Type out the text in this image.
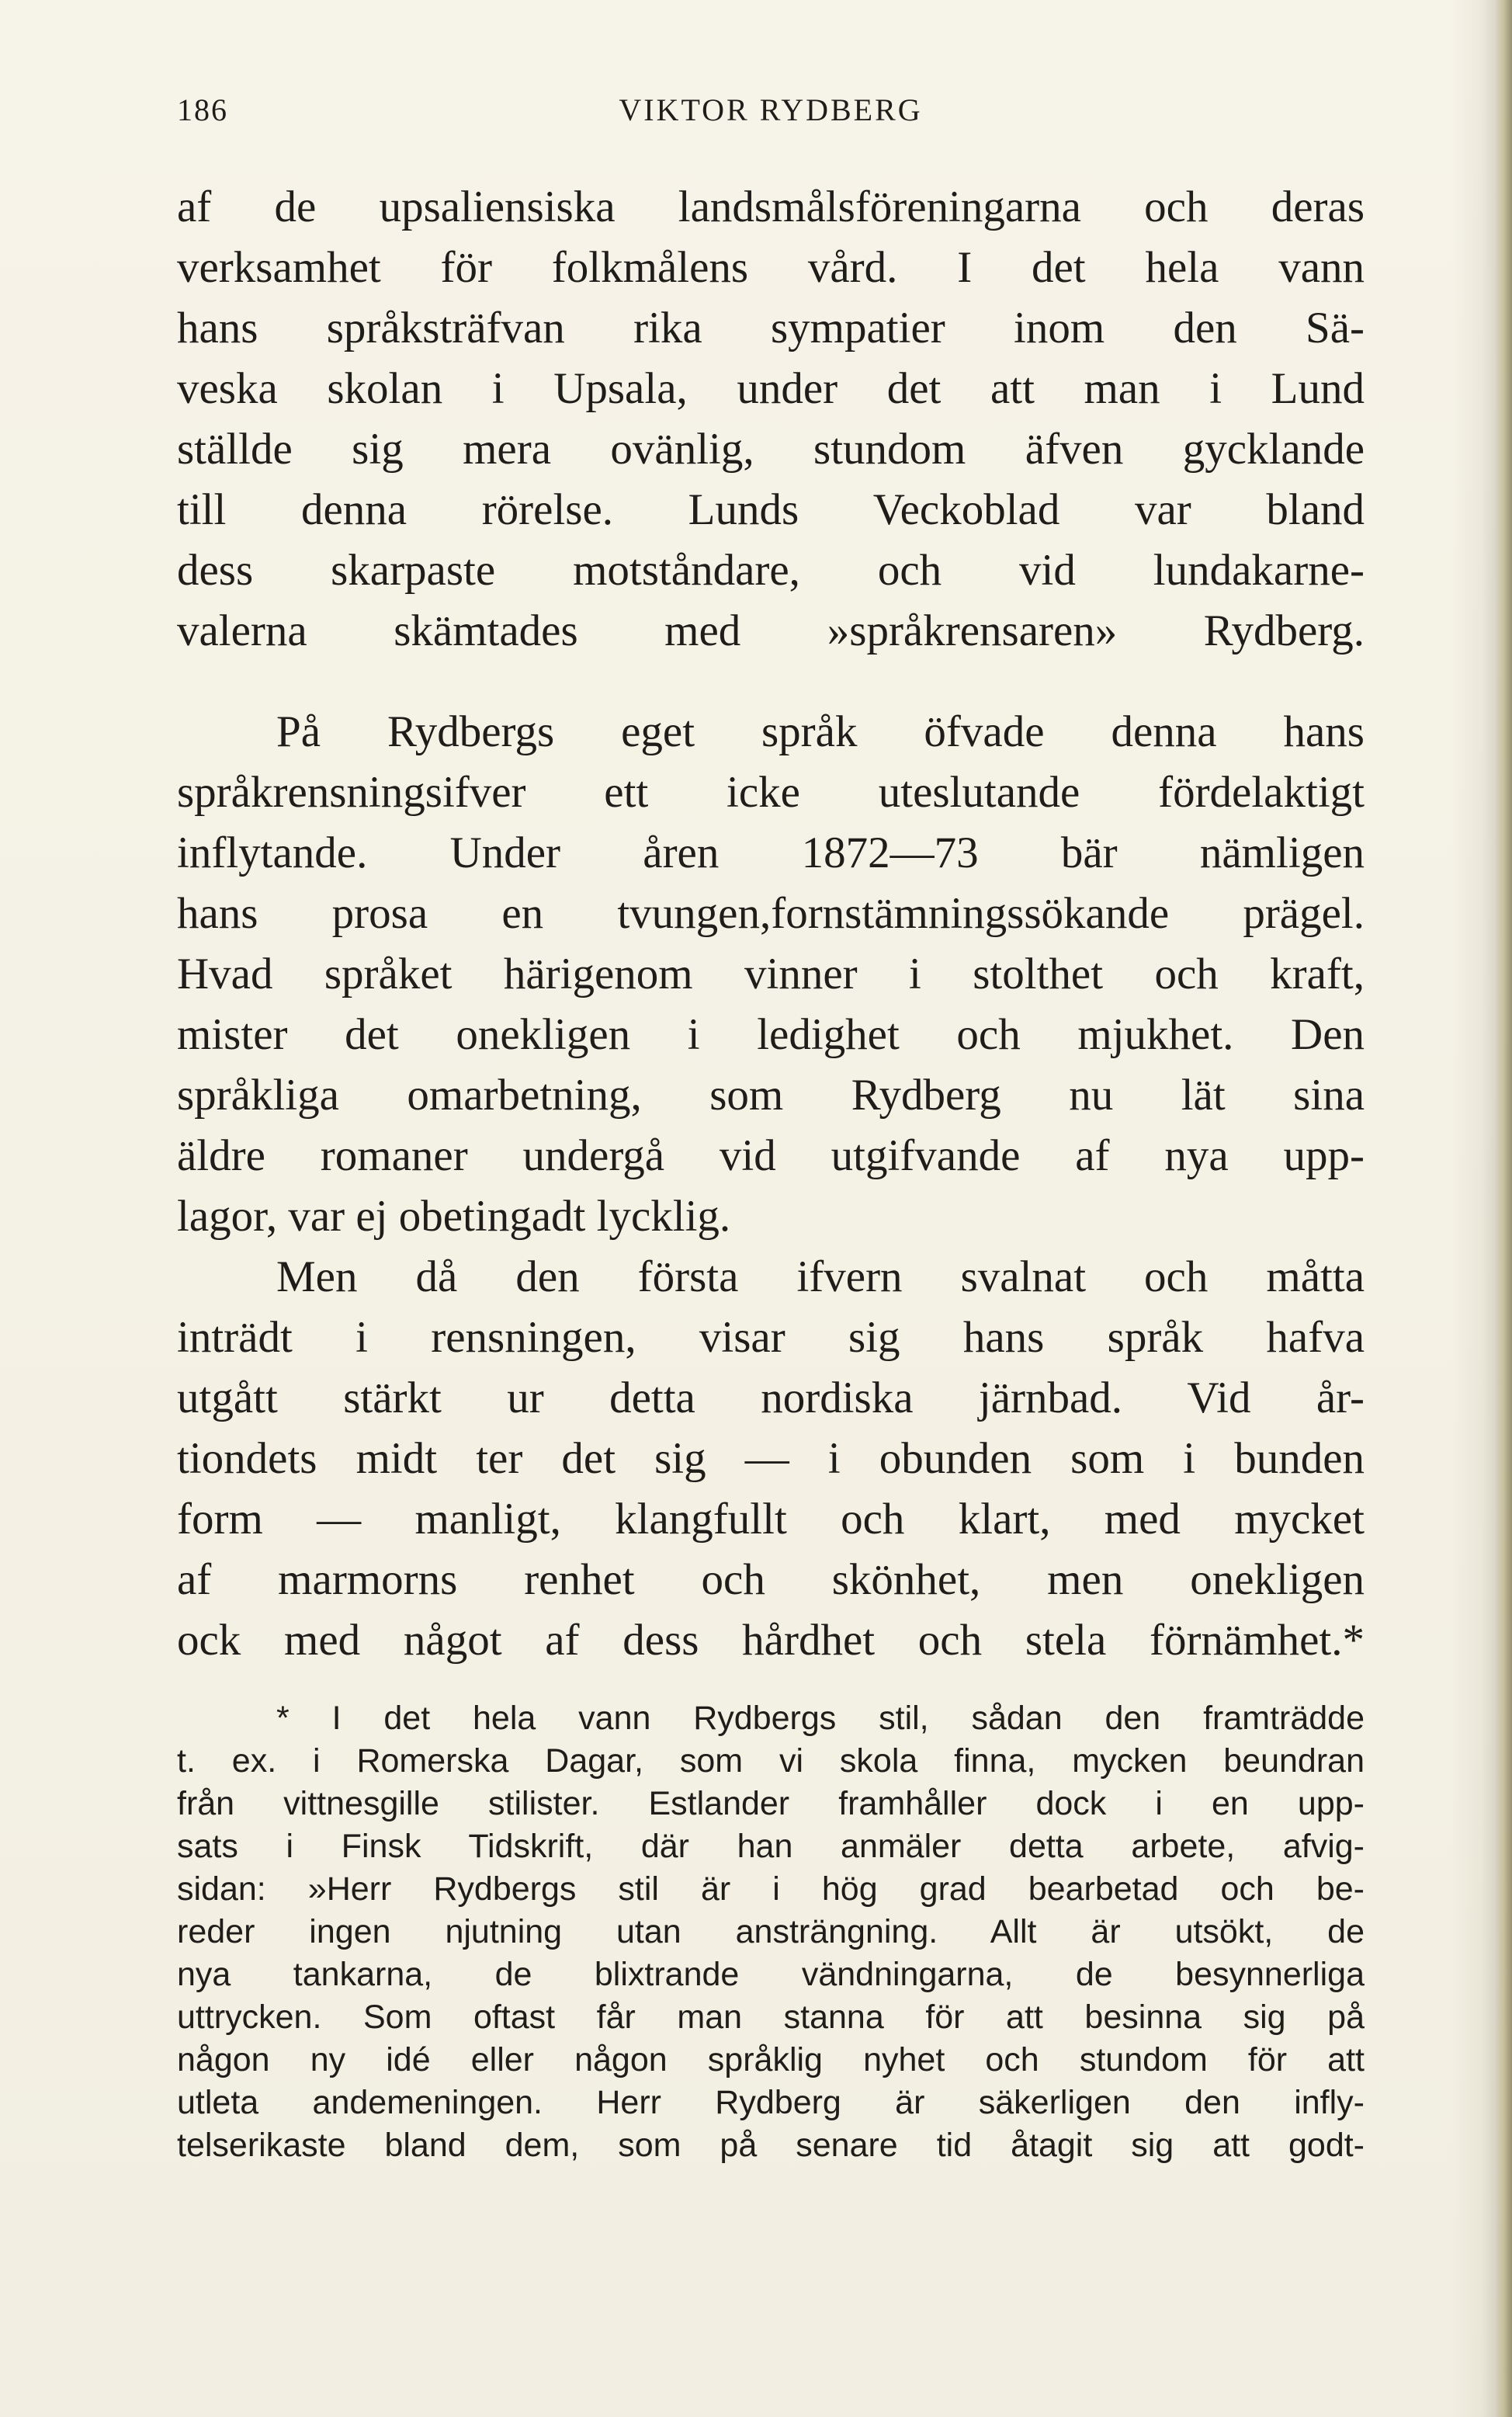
186	VIKTOR RYDBERG
af de upsaliensiska landsmålsföreningarna och deras
verksamhet för folkmålens vård. I det hela vann
hans språksträfvan rika sympatier inom den Sä-
veska skolan i Upsala, under det att man i Lund
ställde sig mera ovänlig, stundom äfven gycklande
till denna rörelse. Lunds Veckoblad var bland
dess skarpaste motståndare, och vid lundakarne-
valerna skämtades med »språkrensaren» Rydberg.
På Rydbergs eget språk öfvade denna hans
språkrensningsifver ett icke uteslutande fördelaktigt
inflytande. Under åren 1872—73 bär nämligen
hans prosa en tvungen,fornstämningssökande prägel.
Hvad språket härigenom vinner i stolthet och kraft,
mister det onekligen i ledighet och mjukhet. Den
språkliga omarbetning, som Rydberg nu lät sina
äldre romaner undergå vid utgifvande af nya upp-
lagor, var ej obetingadt lycklig.
Men då den första ifvern svalnat och måtta
inträdt i rensningen, visar sig hans språk hafva
utgått stärkt ur detta nordiska järnbad. Vid år-
tiondets midt ter det sig — i obunden som i bunden
form — manligt, klangfullt och klart, med mycket
af marmorns renhet och skönhet, men onekligen
ock med något af dess hårdhet och stela förnämhet.*
* I det hela vann Rydbergs stil, sådan den framträdde
t. ex. i Romerska Dagar, som vi skola finna, mycken beundran
från vittnesgille stilister. Estlander framhåller dock i en upp-
sats i Finsk Tidskrift, där han anmäler detta arbete, afvig-
sidan: »Herr Rydbergs stil är i hög grad bearbetad och be-
reder ingen njutning utan ansträngning. Allt är utsökt, de
nya tankarna, de blixtrande vändningarna, de besynnerliga
uttrycken. Som oftast får man stanna för att besinna sig på
någon ny idé eller någon språklig nyhet och stundom för att
utleta andemeningen. Herr Rydberg är säkerligen den infly-
telserikaste bland dem, som på senare tid åtagit sig att godt-
